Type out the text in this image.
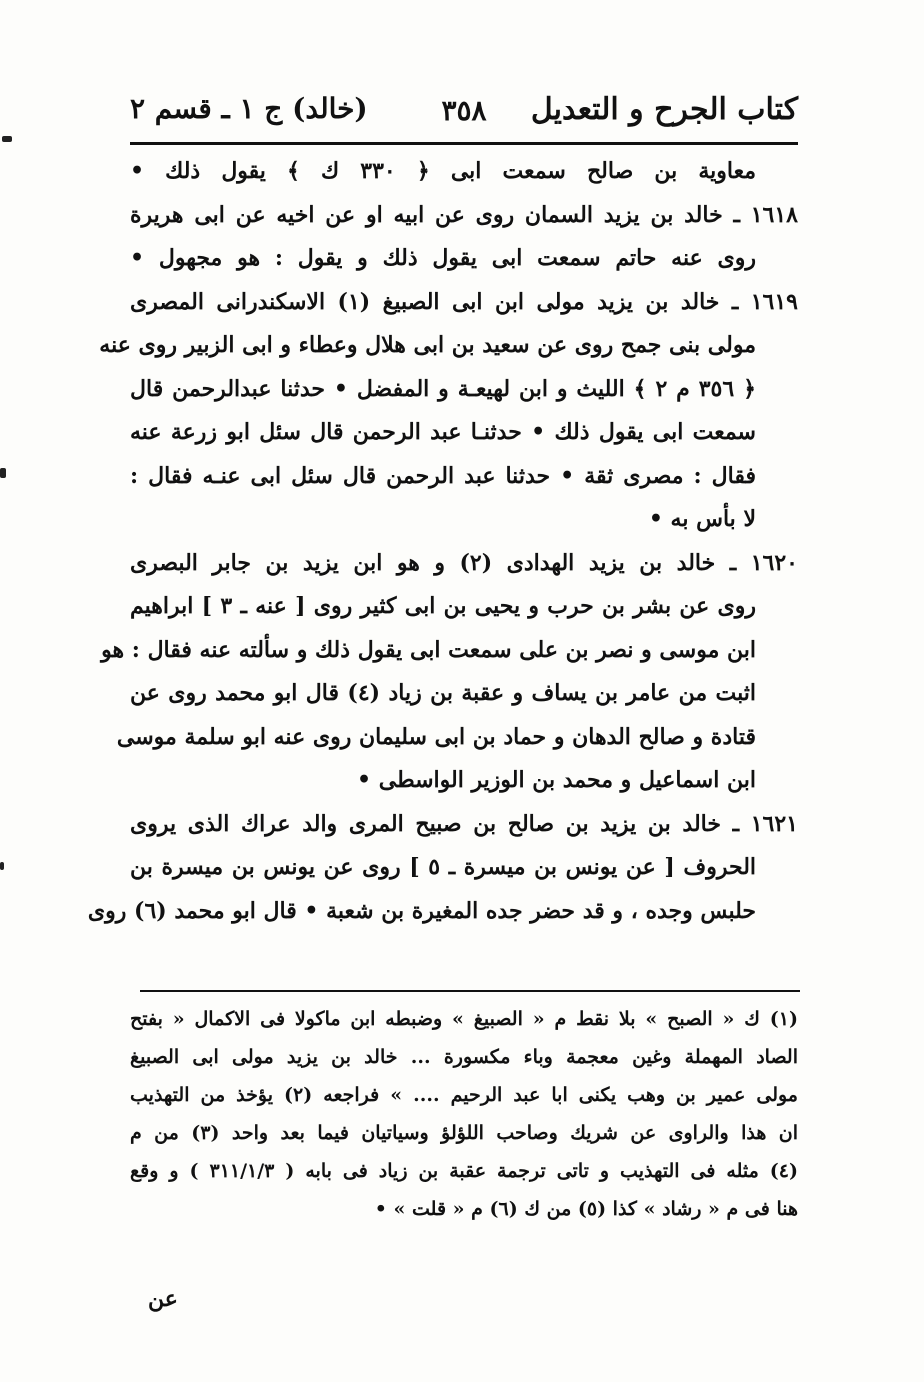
كتاب الجرح و التعديل
٣٥٨
(خالد) ج ١ ـ قسم ٢
معاوية بن صالح سمعت ابى ﴿ ٣٣٠ ك ﴾ يقول ذلك •
١٦١٨ ـ خالد بن يزيد السمان روى عن ابيه او عن اخيه عن ابى هريرة
روى عنه حاتم سمعت ابى يقول ذلك و يقول : هو مجهول •
١٦١٩ ـ خالد بن يزيد مولى ابن ابى الصبيغ (١) الاسكندرانى المصرى
مولى بنى جمح روى عن سعيد بن ابى هلال وعطاء و ابى الزبير روى عنه
﴿ ٣٥٦ م ٢ ﴾ الليث و ابن لهيعـة و المفضل • حدثنا عبدالرحمن قال
سمعت ابى يقول ذلك • حدثنـا عبد الرحمن قال سئل ابو زرعة عنه
فقال : مصرى ثقة • حدثنا عبد الرحمن قال سئل ابى عنـه فقال :
لا بأس به •
١٦٢٠ ـ خالد بن يزيد الهدادى (٢) و هو ابن يزيد بن جابر البصرى
روى عن بشر بن حرب و يحيى بن ابى كثير روى [ عنه ـ ٣ ] ابراهيم
ابن موسى و نصر بن على سمعت ابى يقول ذلك و سألته عنه فقال : هو
اثبت من عامر بن يساف و عقبة بن زياد (٤) قال ابو محمد روى عن
قتادة و صالح الدهان و حماد بن ابى سليمان روى عنه ابو سلمة موسى
ابن اسماعيل و محمد بن الوزير الواسطى •
١٦٢١ ـ خالد بن يزيد بن صالح بن صبيح المرى والد عراك الذى يروى
الحروف [ عن يونس بن ميسرة ـ ٥ ] روى عن يونس بن ميسرة بن
حلبس وجده ، و قد حضر جده المغيرة بن شعبة • قال ابو محمد (٦) روى
(١) ك « الصبح » بلا نقط م « الصبيغ » وضبطه ابن ماكولا فى الاكمال « بفتح
الصاد المهملة وغين معجمة وباء مكسورة ... خالد بن يزيد مولى ابى الصبيغ
مولى عمير بن وهب يكنى ابا عبد الرحيم .... » فراجعه (٢) يؤخذ من التهذيب
ان هذا والراوى عن شريك وصاحب اللؤلؤ وسياتيان فيما بعد واحد (٣) من م
(٤) مثله فى التهذيب و تاتى ترجمة عقبة بن زياد فى بابه ( ٣١١/١/٣ ) و وقع
هنا فى م « رشاد » كذا (٥) من ك (٦) م « قلت » •
عن
